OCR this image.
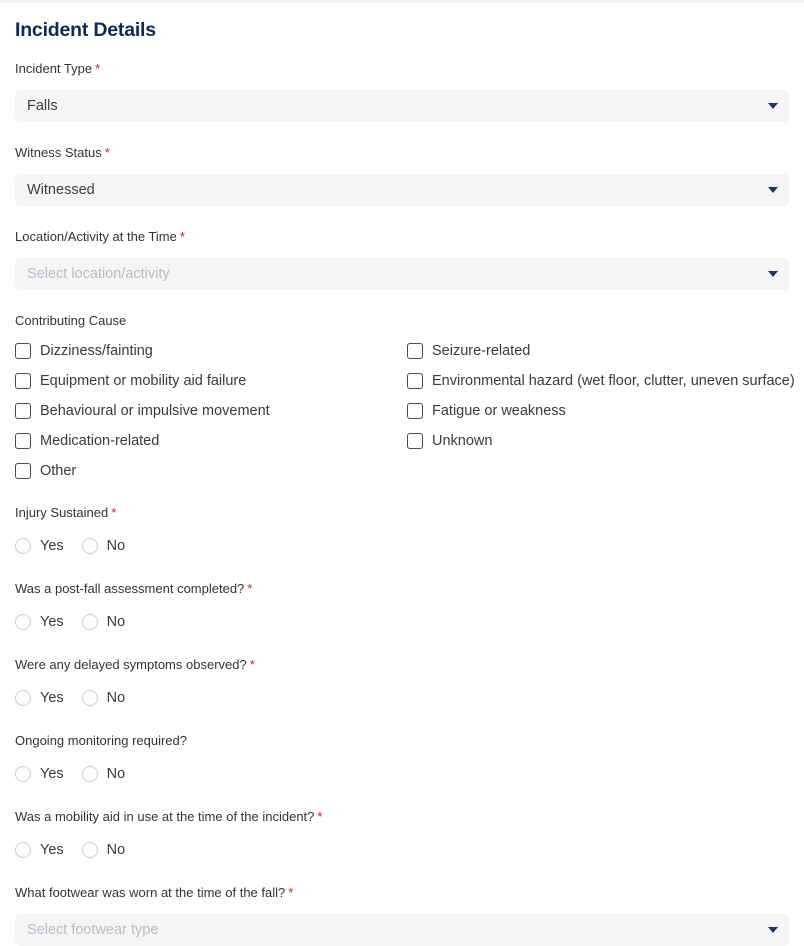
Incident Details
Incident Type *
Falls
Witness Status *
Witnessed
Location/Activity at the Time *
Select location/activity
Contributing Cause
Dizziness/fainting	Seizure-related
Equipment or mobility aid failure	Environmental hazard (wet floor, clutter, uneven surface)
Behavioural or impulsive movement	Fatigue or weakness
Medication-related	Unknown
Other
Injury Sustained *
Yes	No
Was a post-fall assessment completed? *
Yes	No
Were any delayed symptoms observed? *
Yes	No
Ongoing monitoring required?
Yes	No
Was a mobility aid in use at the time of the incident? *
Yes	No
What footwear was worn at the time of the fall? *
Select footwear type
